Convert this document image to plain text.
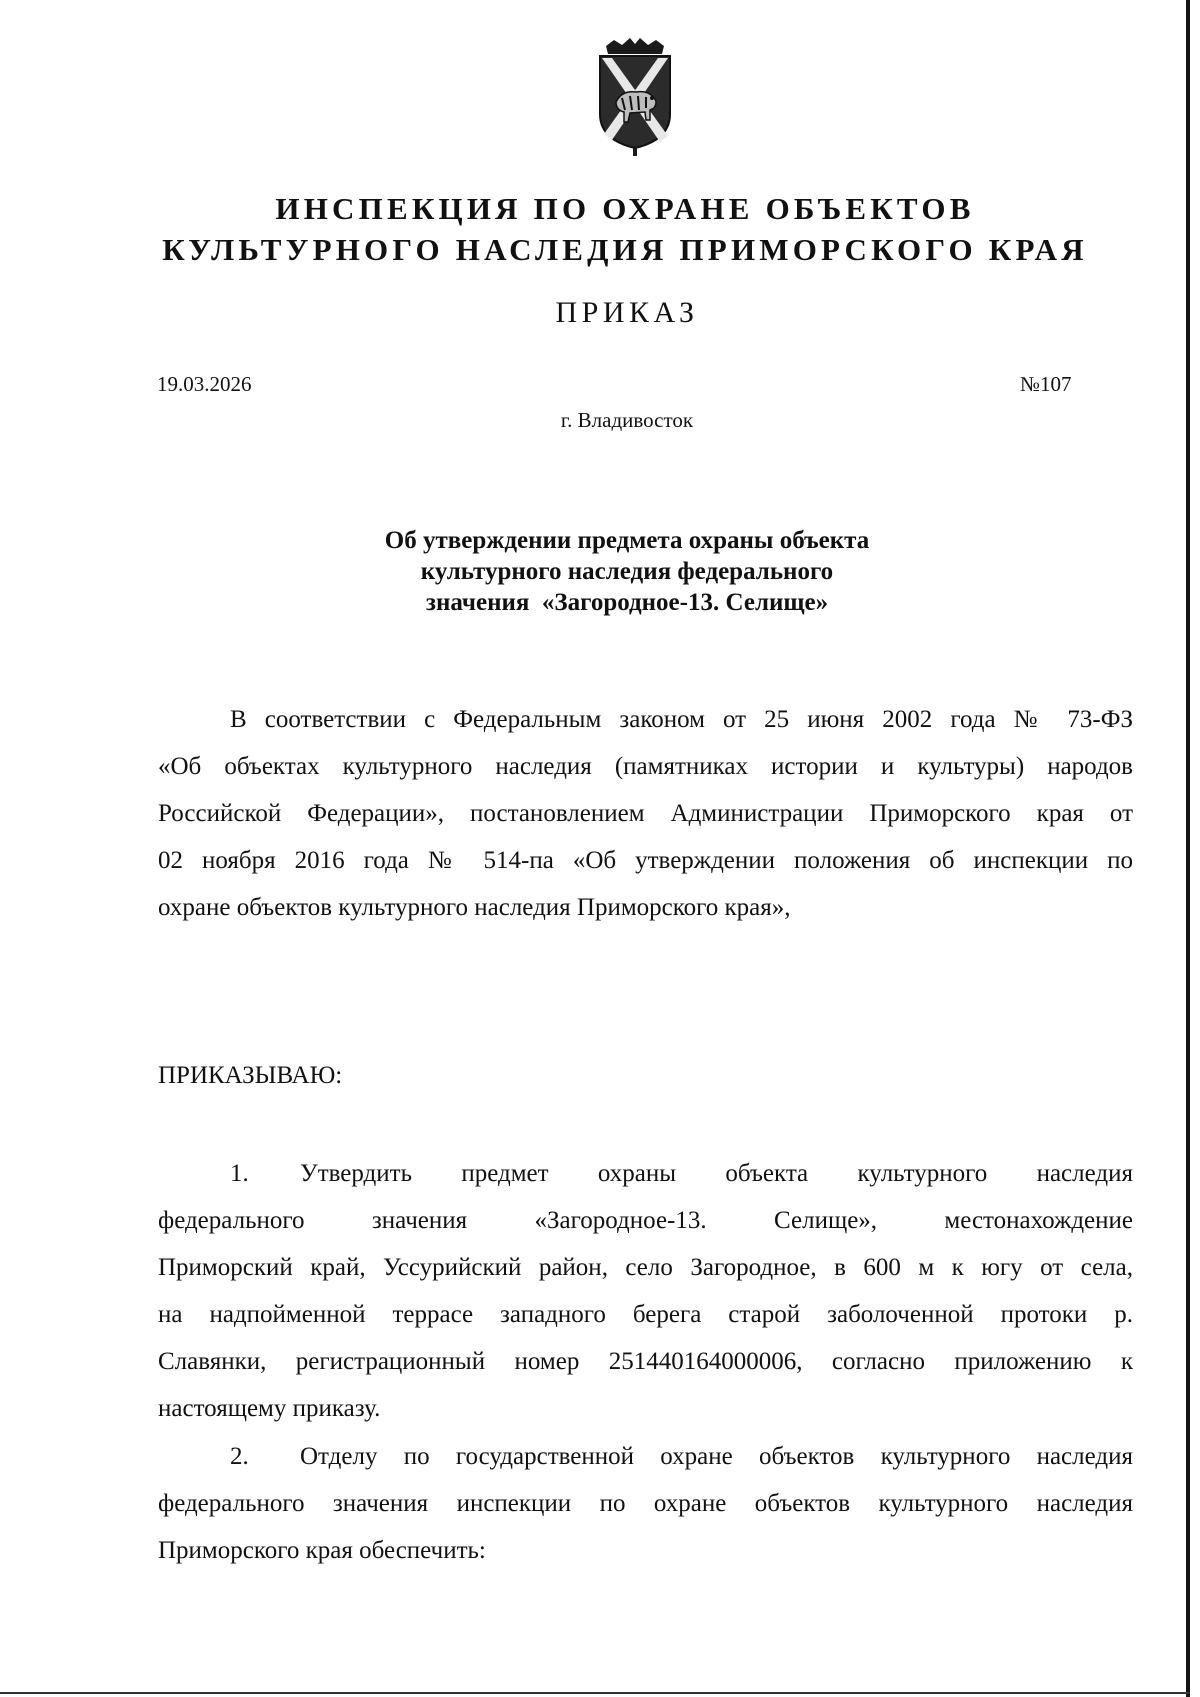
ИНСПЕКЦИЯ ПО ОХРАНЕ ОБЪЕКТОВ
КУЛЬТУРНОГО НАСЛЕДИЯ ПРИМОРСКОГО КРАЯ
ПРИКАЗ
19.03.2026	№107
г. Владивосток
Об утверждении предмета охраны объекта
культурного наследия федерального
значения  «Загородное-13. Селище»
В соответствии с Федеральным законом от 25 июня 2002 года № 73-ФЗ
«Об объектах культурного наследия (памятниках истории и культуры) народов
Российской Федерации», постановлением Администрации Приморского края от
02 ноября 2016 года № 514-па «Об утверждении положения об инспекции по
охране объектов культурного наследия Приморского края»,
ПРИКАЗЫВАЮ:
1. Утвердить предмет охраны объекта культурного наследия
федерального значения «Загородное-13. Селище», местонахождение
Приморский край, Уссурийский район, село Загородное, в 600 м к югу от села,
на надпойменной террасе западного берега старой заболоченной протоки р.
Славянки, регистрационный номер 251440164000006, согласно приложению к
настоящему приказу.
2. Отделу по государственной охране объектов культурного наследия
федерального значения инспекции по охране объектов культурного наследия
Приморского края обеспечить:
